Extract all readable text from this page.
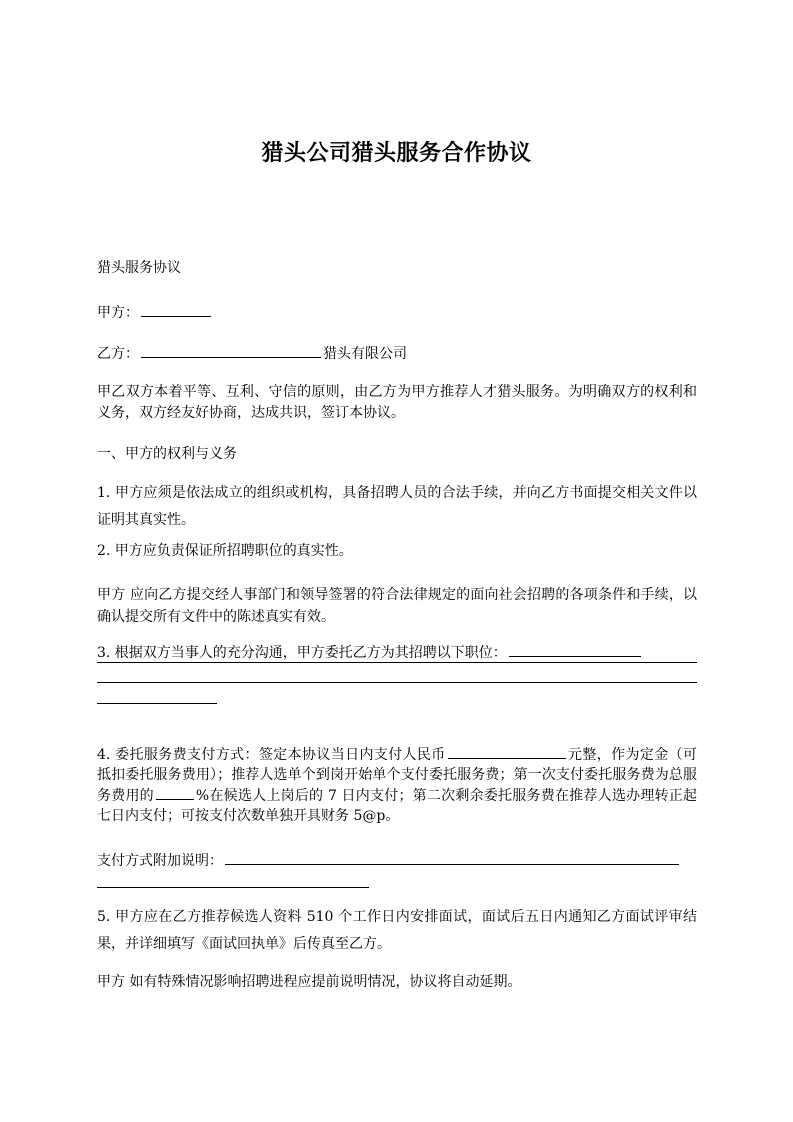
猎头公司猎头服务合作协议

猎头服务协议

甲方：

乙方：	猎头有限公司

甲乙双方本着平等、互利、守信的原则，由乙方为甲方推荐人才猎头服务。为明确双方的权利和义务，双方经友好协商，达成共识，签订本协议。

一、甲方的权利与义务

1. 甲方应须是依法成立的组织或机构，具备招聘人员的合法手续，并向乙方书面提交相关文件以证明其真实性。

2. 甲方应负责保证所招聘职位的真实性。

甲方 应向乙方提交经人事部门和领导签署的符合法律规定的面向社会招聘的各项条件和手续，以确认提交所有文件中的陈述真实有效。

3. 根据双方当事人的充分沟通，甲方委托乙方为其招聘以下职位：

4. 委托服务费支付方式：签定本协议当日内支付人民币	元整，作为定金（可抵扣委托服务费用）；推荐人选单个到岗开始单个支付委托服务费；第一次支付委托服务费为总服务费用的	%在候选人上岗后的 7 日内支付；第二次剩余委托服务费在推荐人选办理转正起七日内支付；可按支付次数单独开具财务 5@p。

支付方式附加说明：

5. 甲方应在乙方推荐候选人资料 510 个工作日内安排面试，面试后五日内通知乙方面试评审结果，并详细填写《面试回执单》后传真至乙方。

甲方 如有特殊情况影响招聘进程应提前说明情况，协议将自动延期。
